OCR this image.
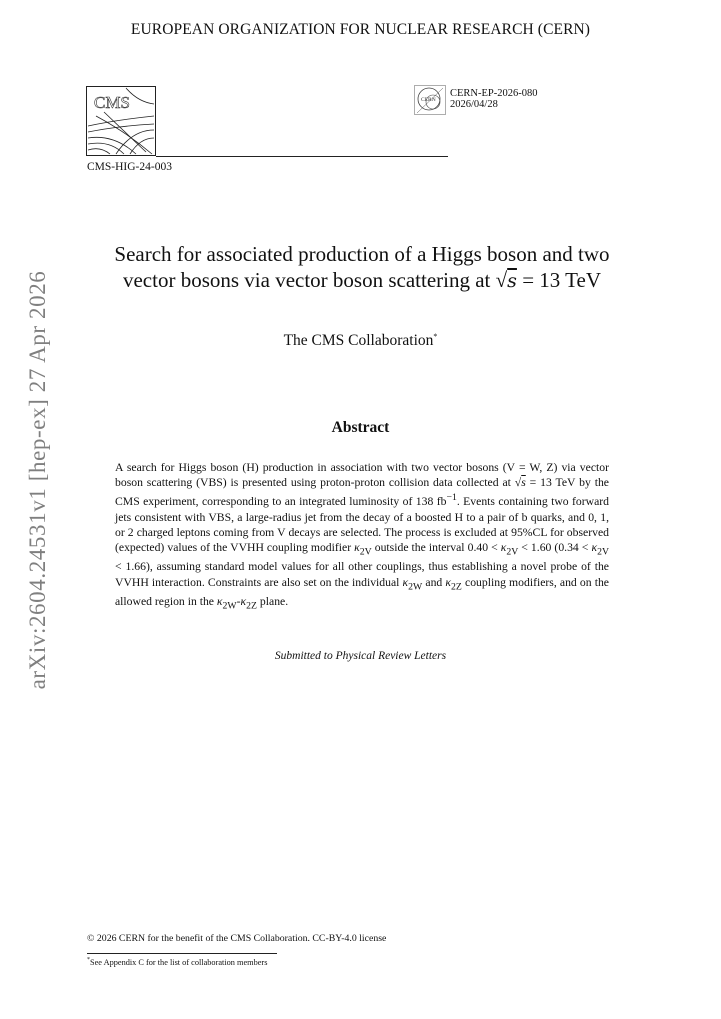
EUROPEAN ORGANIZATION FOR NUCLEAR RESEARCH (CERN)
CMS	CERN
CERN-EP-2026-080
2026/04/28
CMS-HIG-24-003
Search for associated production of a Higgs boson and two
vector bosons via vector boson scattering at √s = 13 TeV
The CMS Collaboration*
Abstract
A search for Higgs boson (H) production in association with two vector bosons (V = W, Z) via vector boson scattering (VBS) is presented using proton-proton collision data collected at √s = 13 TeV by the CMS experiment, corresponding to an integrated luminosity of 138 $fb^{-1}$. Events containing two forward jets consistent with VBS, a large-radius jet from the decay of a boosted H to a pair of b quarks, and 0, 1, or 2 charged leptons coming from V decays are selected. The process is excluded at 95%CL for observed (expected) values of the VVHH coupling modifier $\kappa_{2V}$ outside the interval $0.40 < \kappa_{2V} < 1.60$ $(0.34 < \kappa_{2V} < 1.66)$, assuming standard model values for all other couplings, thus establishing a novel probe of the VVHH interaction. Constraints are also set on the individual $\kappa_{2W}$ and $\kappa_{2Z}$ coupling modifiers, and on the allowed region in the $\kappa_{2W}-\kappa_{2Z}$ plane.
Submitted to Physical Review Letters
© 2026 CERN for the benefit of the CMS Collaboration. CC-BY-4.0 license
*See Appendix C for the list of collaboration members
arXiv:2604.24531v1 [hep-ex] 27 Apr 2026
